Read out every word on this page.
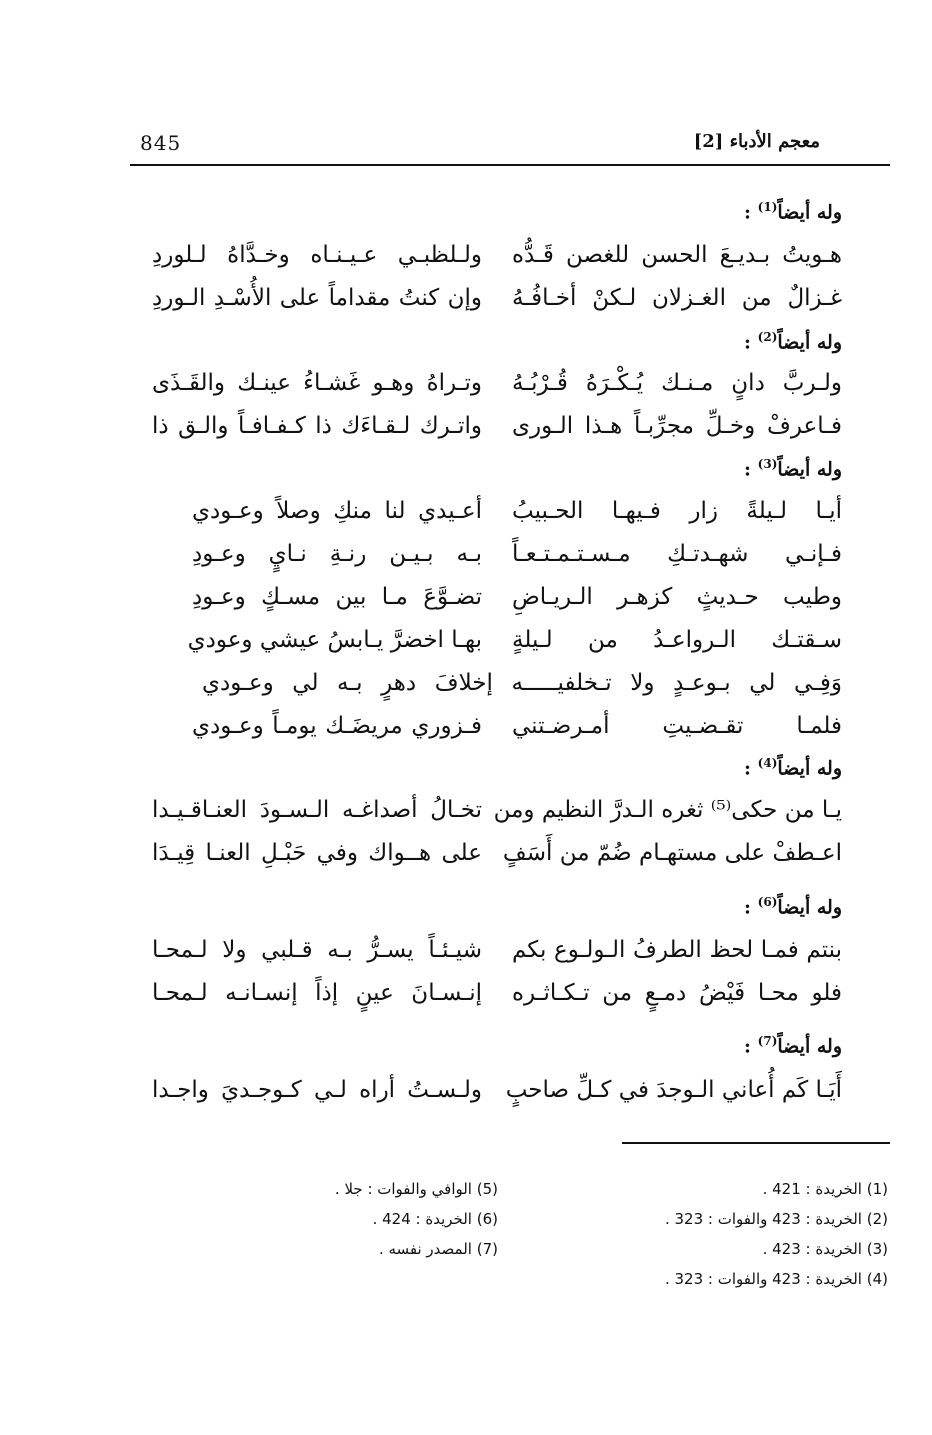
845	معجم الأدباء [2]
وله أيضاً$^{(1)}$ :
هـويتُ بـديـعَ الحسن للغصن قَـدُّه
ولـلظبـي عـيـنـاه وخـدَّاهُ لـلوردِ
غـزالٌ من الغـزلان لـكنْ أخـافُـهُ
وإن كنتُ مقداماً على الأُسْـدِ الـوردِ
وله أيضاً$^{(2)}$ :
ولـربَّ دانٍ مـنـك يُـكْـرَهُ قُـرْبُـهُ
وتـراهُ وهـو غَشـاءُ عينـك والقَـذَى
فـاعرفْ وخـلِّ مجرِّبـاً هـذا الـورى
واتـرك لـقـاءَك ذا كـفـافـاً والـق ذا
وله أيضاً$^{(3)}$ :
أيـا لـيلةً زار فـيهـا الحـبيبُ
أعـيدي لنا منكِ وصلاً وعـودي
فـإنـي شهـدتـكِ مـسـتـمـتـعـاً
بـه بـيـن رنـةِ نـايٍ وعـودِ
وطيب حـديثٍ كزهـر الـريـاضِ
تضـوَّعَ مـا بين مسـكٍ وعـودِ
سـقتـك الـرواعـدُ من لـيلةٍ
بهـا اخضرَّ يـابسُ عيشي وعودي
وَفِـي لي بـوعـدٍ ولا تـخلفيـــــه إخلافَ دهرٍ بـه لي وعـودي
فلمـا تقـضـيتِ أمـرضـتني
فـزوري مريضَـك يومـاً وعـودي
وله أيضاً$^{(4)}$ :
يـا من حكى⁽⁵⁾ ثغره الـدرَّ النظيم ومن
تخـالُ أصداغـه الـسـودَ العنـاقـيـدا
اعـطفْ على مستهـام ضُمّ من أَسَفٍ
على هــواك وفي حَبْـلِ العنـا قِيـدَا
وله أيضاً$^{(6)}$ :
بنتم فمـا لحظ الطرفُ الـولـوع بكم
شيـئـاً يسـرُّ بـه قـلبي ولا لـمحـا
فلو محـا فَيْضُ دمـعٍ من تـكـاثـره
إنـسـانَ عينٍ إذاً إنسـانـه لـمحـا
وله أيضاً$^{(7)}$ :
أَيَـا كَم أُعاني الـوجدَ في كـلِّ صاحبٍ
ولـسـتُ أراه لـي كـوجـديَ واجـدا
(1) الخريدة : 421 .
(2) الخريدة : 423 والفوات : 323 .
(3) الخريدة : 423 .
(4) الخريدة : 423 والفوات : 323 .
(5) الوافي والفوات : جلا .
(6) الخريدة : 424 .
(7) المصدر نفسه .
